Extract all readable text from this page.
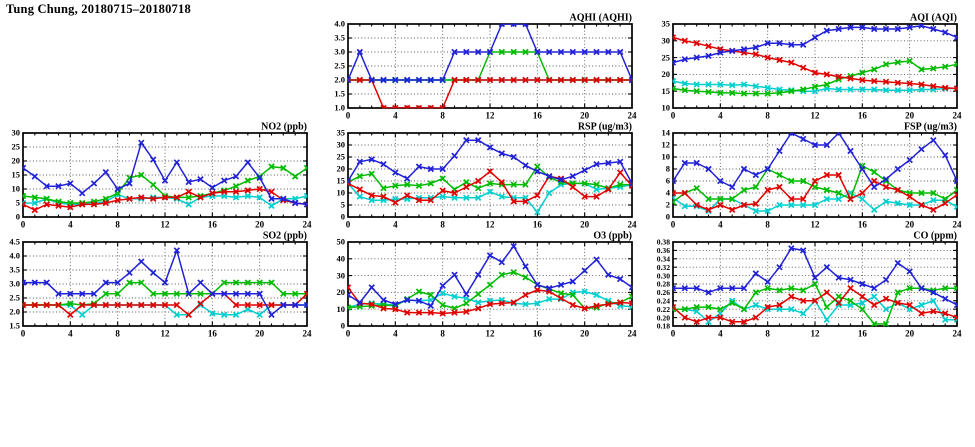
Tung Chung, 20180715–20180718
1.0
1.5
2.0
2.5
3.0
3.5
4.0
0	4	8	12	16	20	24
AQHI (AQHI)
10
15
20
25
30
35
0	4	8	12	16	20	24
AQI (AQI)
0
5
10
15
20
25
30
0	4	8	12	16	20	24
NO2 (ppb)
0
5
10
15
20
25
30
35
0	4	8	12	16	20	24
RSP (ug/m3)
0
2
4
6
8
10
12
14
0	4	8	12	16	20	24
FSP (ug/m3)
1.5
2.0
2.5
3.0
3.5
4.0
4.5
0	4	8	12	16	20	24
SO2 (ppb)
0
10
20
30
40
50
0	4	8	12	16	20	24
O3 (ppb)
0.18
0.20
0.22
0.24
0.26
0.28
0.30
0.32
0.34
0.36
0.38
0	4	8	12	16	20	24
CO (ppm)
